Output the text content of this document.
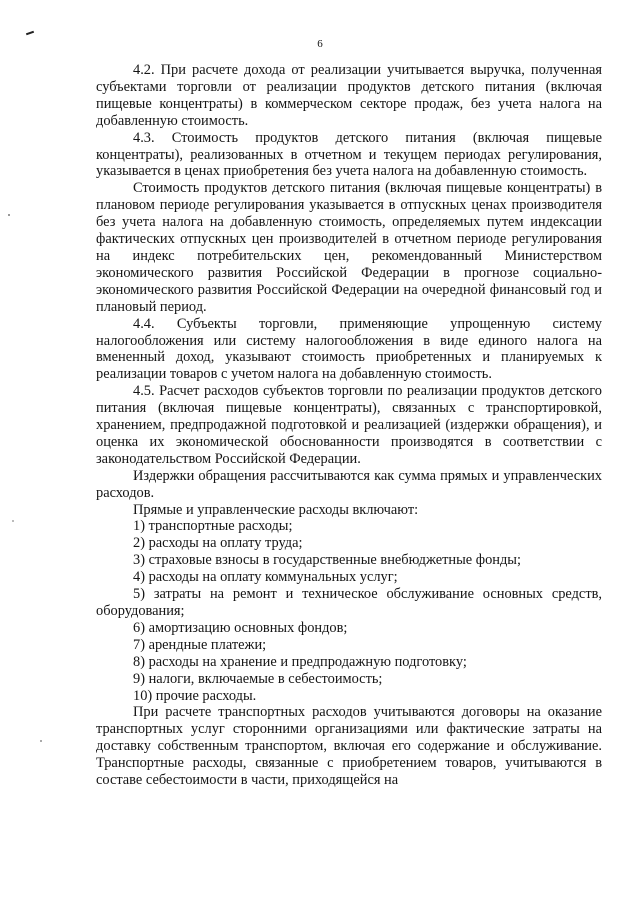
6

4.2. При расчете дохода от реализации учитывается выручка, полученная субъектами торговли от реализации продуктов детского питания (включая пищевые концентраты) в коммерческом секторе продаж, без учета налога на добавленную стоимость.

4.3. Стоимость продуктов детского питания (включая пищевые концентраты), реализованных в отчетном и текущем периодах регулирования, указывается в ценах приобретения без учета налога на добавленную стоимость.

Стоимость продуктов детского питания (включая пищевые концентраты) в плановом периоде регулирования указывается в отпускных ценах производителя без учета налога на добавленную стоимость, определяемых путем индексации фактических отпускных цен производителей в отчетном периоде регулирования на индекс потребительских цен, рекомендованный Министерством экономического развития Российской Федерации в прогнозе социально-экономического развития Российской Федерации на очередной финансовый год и плановый период.

4.4. Субъекты торговли, применяющие упрощенную систему налогообложения или систему налогообложения в виде единого налога на вмененный доход, указывают стоимость приобретенных и планируемых к реализации товаров с учетом налога на добавленную стоимость.

4.5. Расчет расходов субъектов торговли по реализации продуктов детского питания (включая пищевые концентраты), связанных с транспортировкой, хранением, предпродажной подготовкой и реализацией (издержки обращения), и оценка их экономической обоснованности производятся в соответствии с законодательством Российской Федерации.

Издержки обращения рассчитываются как сумма прямых и управленческих расходов.

Прямые и управленческие расходы включают:

1) транспортные расходы;

2) расходы на оплату труда;

3) страховые взносы в государственные внебюджетные фонды;

4) расходы на оплату коммунальных услуг;

5) затраты на ремонт и техническое обслуживание основных средств, оборудования;

6) амортизацию основных фондов;

7) арендные платежи;

8) расходы на хранение и предпродажную подготовку;

9) налоги, включаемые в себестоимость;

10) прочие расходы.

При расчете транспортных расходов учитываются договоры на оказание транспортных услуг сторонними организациями или фактические затраты на доставку собственным транспортом, включая его содержание и обслуживание. Транспортные расходы, связанные с приобретением товаров, учитываются в составе себестоимости в части, приходящейся на
